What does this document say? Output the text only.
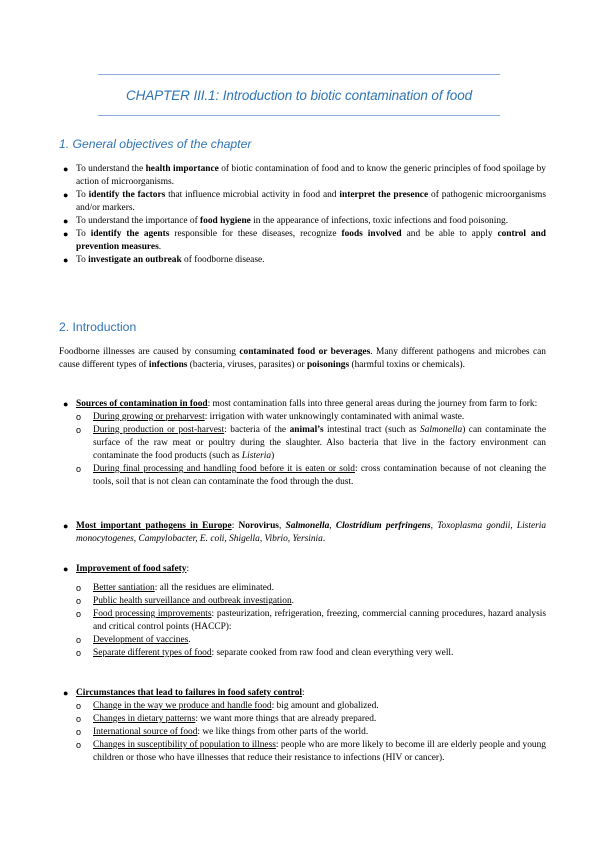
CHAPTER III.1: Introduction to biotic contamination of food
1. General objectives of the chapter
● To understand the health importance of biotic contamination of food and to know the generic principles of food spoilage by action of microorganisms.
● To identify the factors that influence microbial activity in food and interpret the presence of pathogenic microorganisms and/or markers.
● To understand the importance of food hygiene in the appearance of infections, toxic infections and food poisoning.
● To identify the agents responsible for these diseases, recognize foods involved and be able to apply control and prevention measures.
● To investigate an outbreak of foodborne disease.
2. Introduction
Foodborne illnesses are caused by consuming contaminated food or beverages. Many different pathogens and microbes can cause different types of infections (bacteria, viruses, parasites) or poisonings (harmful toxins or chemicals).
● Sources of contamination in food: most contamination falls into three general areas during the journey from farm to fork:
o During growing or preharvest: irrigation with water unknowingly contaminated with animal waste.
o During production or post-harvest: bacteria of the animal’s intestinal tract (such as Salmonella) can contaminate the surface of the raw meat or poultry during the slaughter. Also bacteria that live in the factory environment can contaminate the food products (such as Listeria)
o During final processing and handling food before it is eaten or sold: cross contamination because of not cleaning the tools, soil that is not clean can contaminate the food through the dust.
● Most important pathogens in Europe: Norovirus, Salmonella, Clostridium perfringens, Toxoplasma gondii, Listeria monocytogenes, Campylobacter, E. coli, Shigella, Vibrio, Yersinia.
● Improvement of food safety:
o Better santiation: all the residues are eliminated.
o Public health surveillance and outbreak investigation.
o Food processing improvements: pasteurization, refrigeration, freezing, commercial canning procedures, hazard analysis and critical control points (HACCP):
o Development of vaccines.
o Separate different types of food: separate cooked from raw food and clean everything very well.
● Circumstances that lead to failures in food safety control:
o Change in the way we produce and handle food: big amount and globalized.
o Changes in dietary patterns: we want more things that are already prepared.
o International source of food: we like things from other parts of the world.
o Changes in susceptibility of population to illness: people who are more likely to become ill are elderly people and young children or those who have illnesses that reduce their resistance to infections (HIV or cancer).
